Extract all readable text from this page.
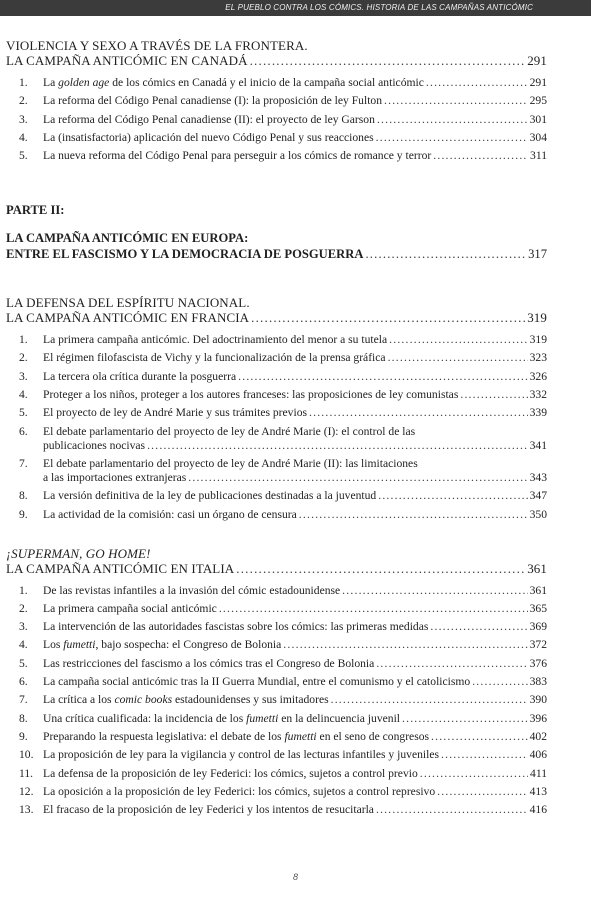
EL PUEBLO CONTRA LOS CÓMICS. HISTORIA DE LAS CAMPAÑAS ANTICÓMIC
VIOLENCIA Y SEXO A TRAVÉS DE LA FRONTERA.
LA CAMPAÑA ANTICÓMIC EN CANADÁ .....	291
1.	La golden age de los cómics en Canadá y el inicio de la campaña social anticómic .....	291
2.	La reforma del Código Penal canadiense (I): la proposición de ley Fulton .....	295
3.	La reforma del Código Penal canadiense (II): el proyecto de ley Garson .....	301
4.	La (insatisfactoria) aplicación del nuevo Código Penal y sus reacciones .....	304
5.	La nueva reforma del Código Penal para perseguir a los cómics de romance y terror .....	311
PARTE II:
LA CAMPAÑA ANTICÓMIC EN EUROPA:
ENTRE EL FASCISMO Y LA DEMOCRACIA DE POSGUERRA .....	317
LA DEFENSA DEL ESPÍRITU NACIONAL.
LA CAMPAÑA ANTICÓMIC EN FRANCIA .....	319
1.	La primera campaña anticómic. Del adoctrinamiento del menor a su tutela .....	319
2.	El régimen filofascista de Vichy y la funcionalización de la prensa gráfica .....	323
3.	La tercera ola crítica durante la posguerra .....	326
4.	Proteger a los niños, proteger a los autores franceses: las proposiciones de ley comunistas .....	332
5.	El proyecto de ley de André Marie y sus trámites previos .....	339
6.	El debate parlamentario del proyecto de ley de André Marie (I): el control de las
publicaciones nocivas .....	341
7.	El debate parlamentario del proyecto de ley de André Marie (II): las limitaciones
a las importaciones extranjeras .....	343
8.	La versión definitiva de la ley de publicaciones destinadas a la juventud .....	347
9.	La actividad de la comisión: casi un órgano de censura .....	350
¡SUPERMAN, GO HOME!
LA CAMPAÑA ANTICÓMIC EN ITALIA .....	361
1.	De las revistas infantiles a la invasión del cómic estadounidense .....	361
2.	La primera campaña social anticómic .....	365
3.	La intervención de las autoridades fascistas sobre los cómics: las primeras medidas .....	369
4.	Los fumetti, bajo sospecha: el Congreso de Bolonia .....	372
5.	Las restricciones del fascismo a los cómics tras el Congreso de Bolonia .....	376
6.	La campaña social anticómic tras la II Guerra Mundial, entre el comunismo y el catolicismo .....	383
7.	La crítica a los comic books estadounidenses y sus imitadores .....	390
8.	Una crítica cualificada: la incidencia de los fumetti en la delincuencia juvenil .....	396
9.	Preparando la respuesta legislativa: el debate de los fumetti en el seno de congresos .....	402
10. La proposición de ley para la vigilancia y control de las lecturas infantiles y juveniles .....	406
11. La defensa de la proposición de ley Federici: los cómics, sujetos a control previo .....	411
12. La oposición a la proposición de ley Federici: los cómics, sujetos a control represivo .....	413
13. El fracaso de la proposición de ley Federici y los intentos de resucitarla .....	416
8
